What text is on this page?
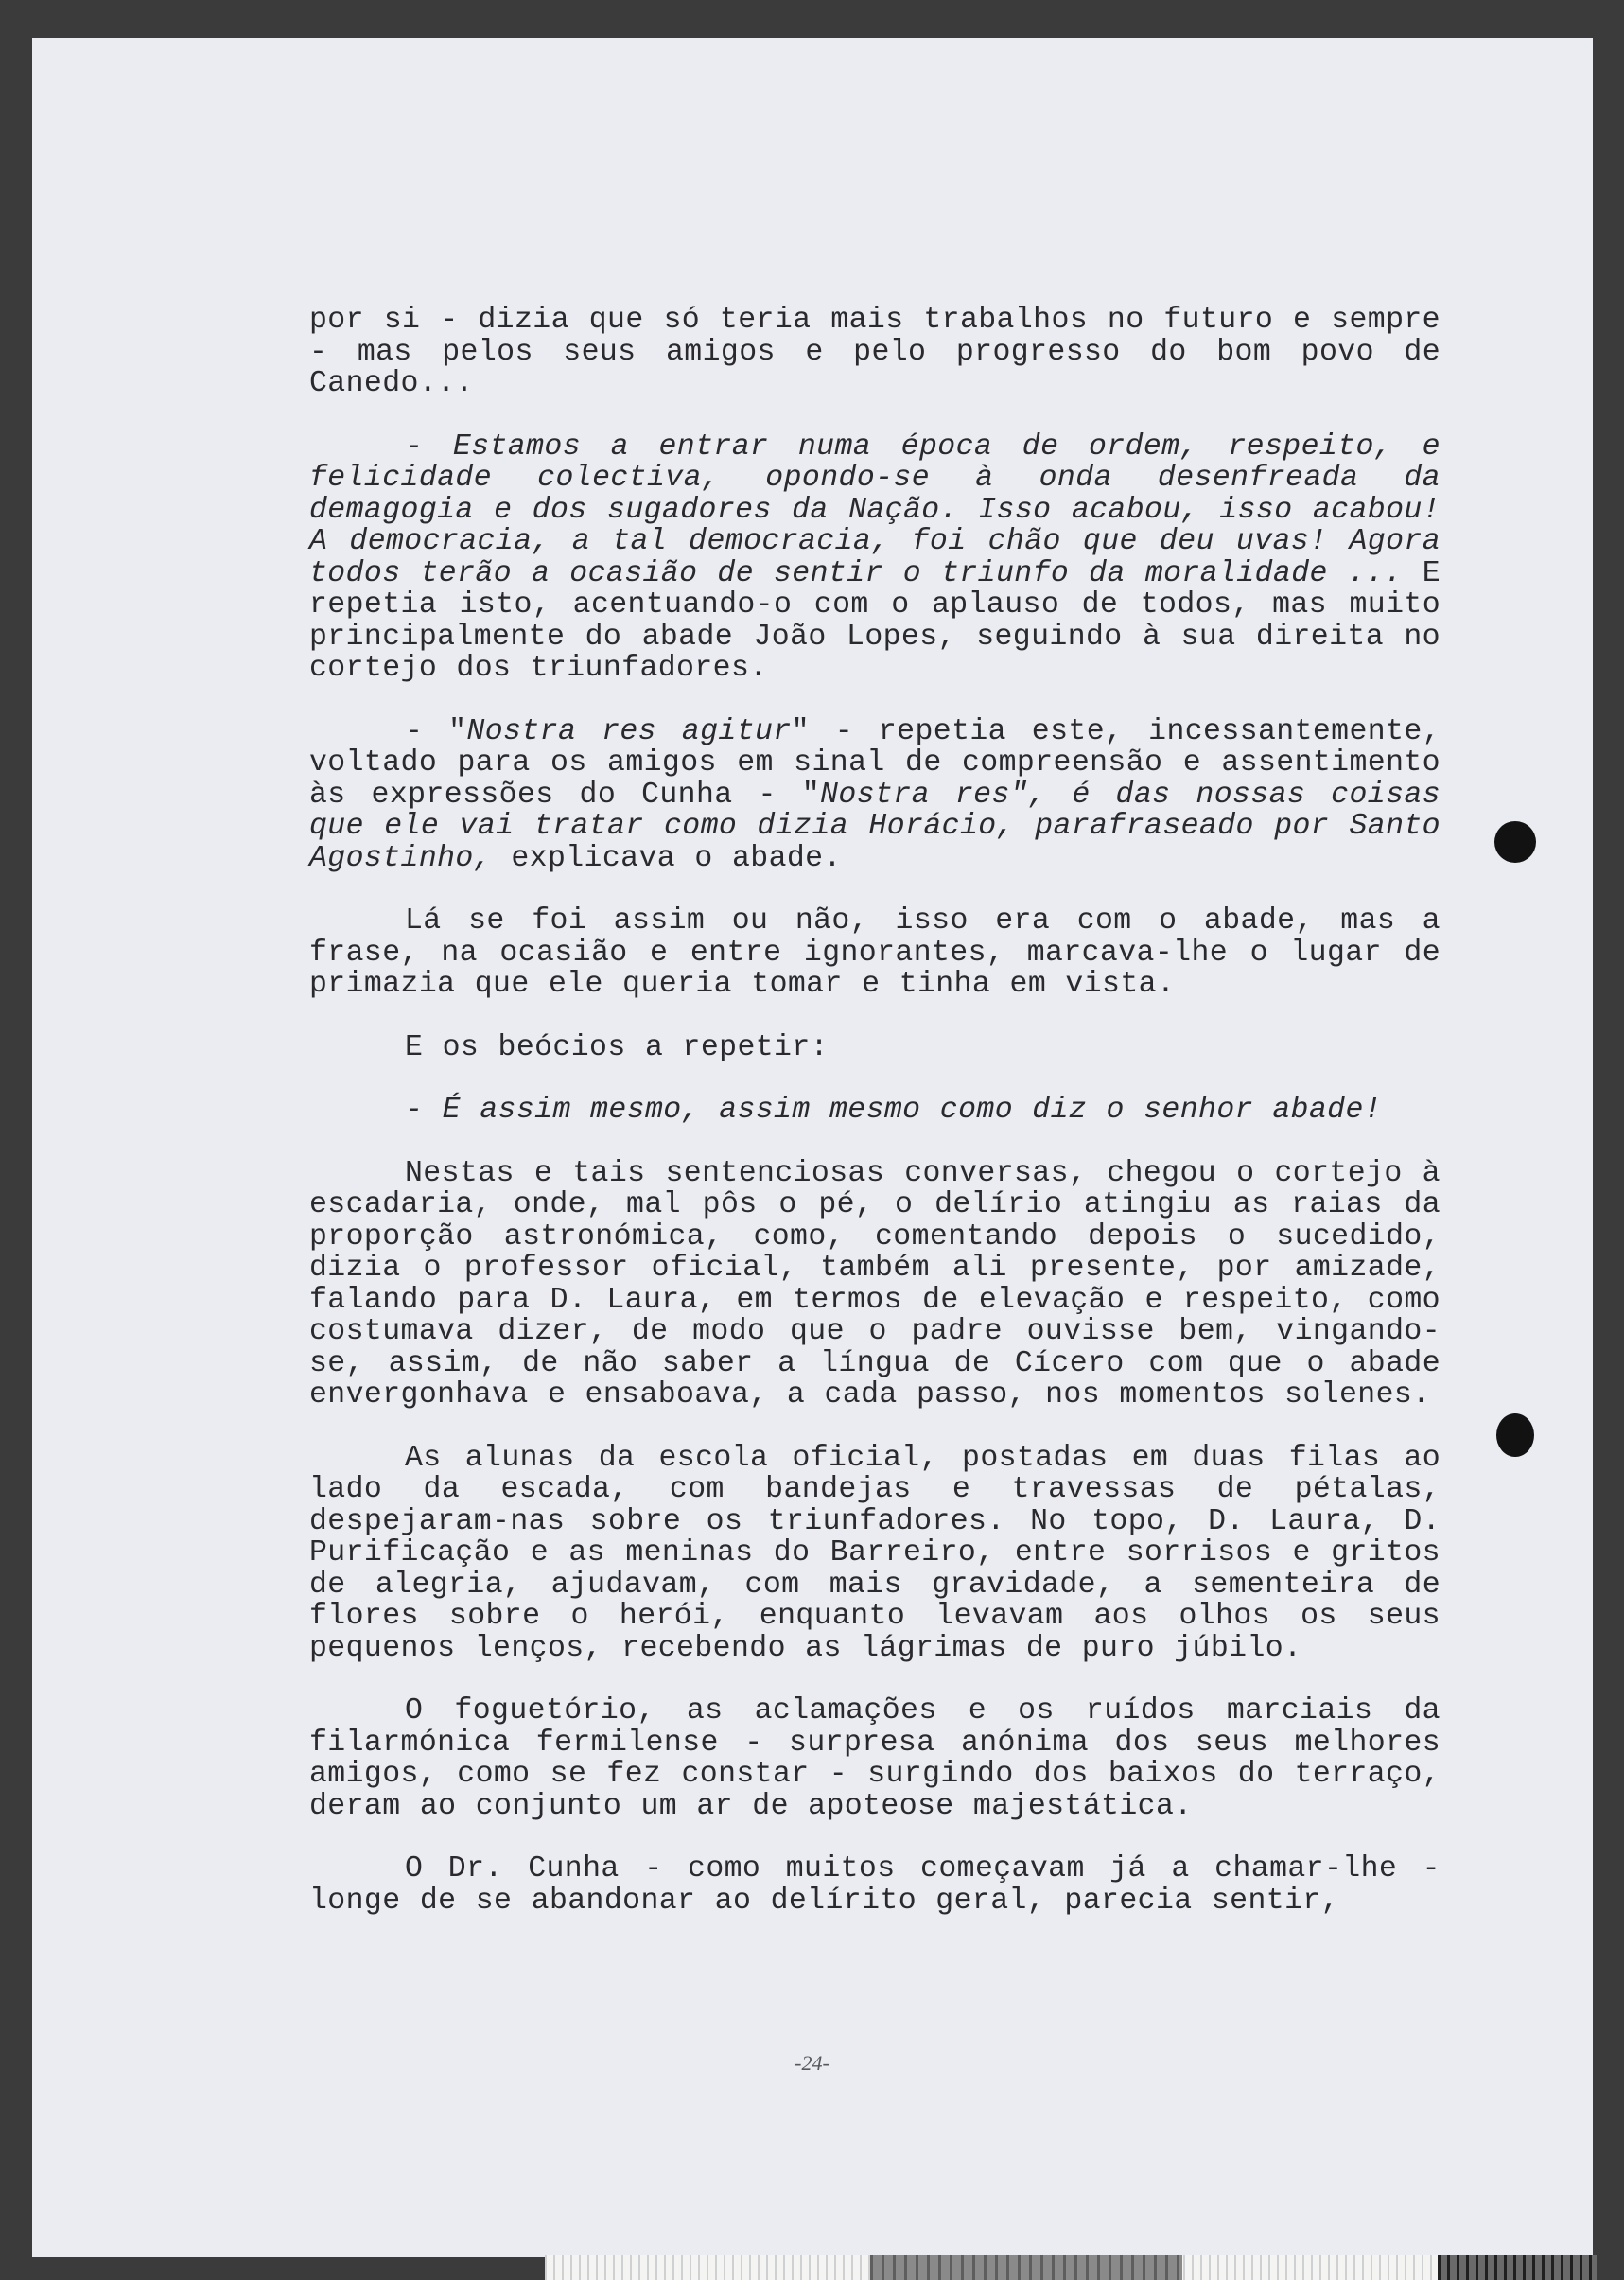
por si - dizia que só teria mais trabalhos no futuro e sempre - mas pelos seus amigos e pelo progresso do bom povo de Canedo...

- Estamos a entrar numa época de ordem, respeito, e felicidade colectiva, opondo-se à onda desenfreada da demagogia e dos sugadores da Nação. Isso acabou, isso acabou! A democracia, a tal democracia, foi chão que deu uvas! Agora todos terão a ocasião de sentir o triunfo da moralidade ... E repetia isto, acentuando-o com o aplauso de todos, mas muito principalmente do abade João Lopes, seguindo à sua direita no cortejo dos triunfadores.

- "Nostra res agitur" - repetia este, incessantemente, voltado para os amigos em sinal de compreensão e assentimento às expressões do Cunha - "Nostra res", é das nossas coisas que ele vai tratar como dizia Horácio, parafraseado por Santo Agostinho, explicava o abade.

Lá se foi assim ou não, isso era com o abade, mas a frase, na ocasião e entre ignorantes, marcava-lhe o lugar de primazia que ele queria tomar e tinha em vista.

E os beócios a repetir:

- É assim mesmo, assim mesmo como diz o senhor abade!

Nestas e tais sentenciosas conversas, chegou o cortejo à escadaria, onde, mal pôs o pé, o delírio atingiu as raias da proporção astronómica, como, comentando depois o sucedido, dizia o professor oficial, também ali presente, por amizade, falando para D. Laura, em termos de elevação e respeito, como costumava dizer, de modo que o padre ouvisse bem, vingando-se, assim, de não saber a língua de Cícero com que o abade envergonhava e ensaboava, a cada passo, nos momentos solenes.

As alunas da escola oficial, postadas em duas filas ao lado da escada, com bandejas e travessas de pétalas, despejaram-nas sobre os triunfadores. No topo, D. Laura, D. Purificação e as meninas do Barreiro, entre sorrisos e gritos de alegria, ajudavam, com mais gravidade, a sementeira de flores sobre o herói, enquanto levavam aos olhos os seus pequenos lenços, recebendo as lágrimas de puro júbilo.

O foguetório, as aclamações e os ruídos marciais da filarmónica fermilense - surpresa anónima dos seus melhores amigos, como se fez constar - surgindo dos baixos do terraço, deram ao conjunto um ar de apoteose majestática.

O Dr. Cunha - como muitos começavam já a chamar-lhe - longe de se abandonar ao delírito geral, parecia sentir,

-24-
